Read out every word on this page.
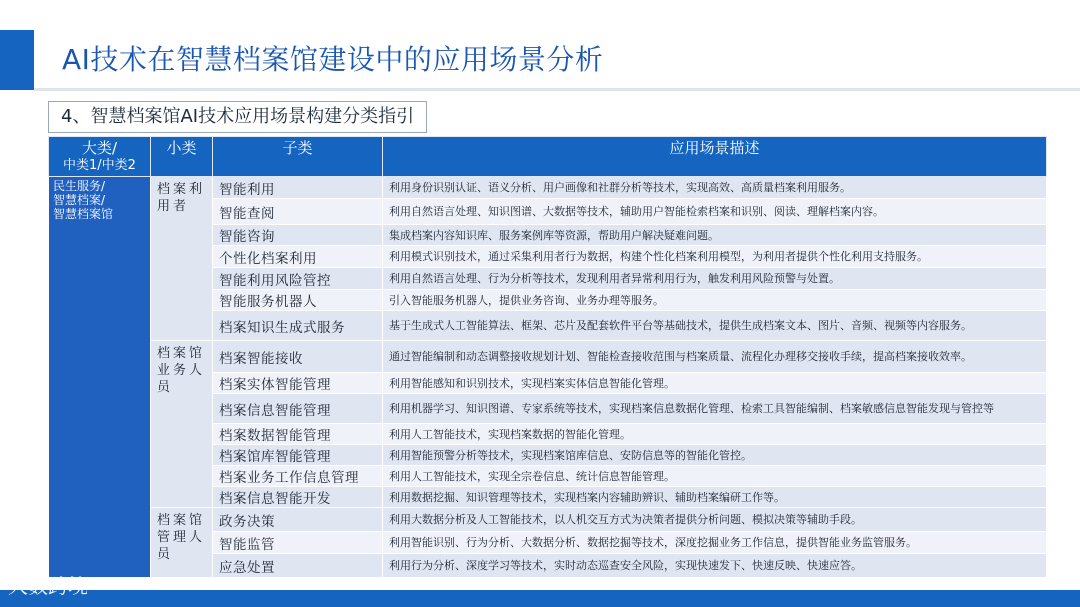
AI技术在智慧档案馆建设中的应用场景分析
4、智慧档案馆AI技术应用场景构建分类指引
大类/
中类1/中类2	小类	子类	应用场景描述
民生服务/
智慧档案/
智慧档案馆	档案利用者	智能利用	利用身份识别认证、语义分析、用户画像和社群分析等技术，实现高效、高质量档案利用服务。
		智能查阅	利用自然语言处理、知识图谱、大数据等技术，辅助用户智能检索档案和识别、阅读、理解档案内容。
		智能咨询	集成档案内容知识库、服务案例库等资源，帮助用户解决疑难问题。
		个性化档案利用	利用模式识别技术，通过采集利用者行为数据，构建个性化档案利用模型，为利用者提供个性化利用支持服务。
		智能利用风险管控	利用自然语言处理、行为分析等技术，发现利用者异常利用行为，触发利用风险预警与处置。
		智能服务机器人	引入智能服务机器人，提供业务咨询、业务办理等服务。
		档案知识生成式服务	基于生成式人工智能算法、框架、芯片及配套软件平台等基础技术，提供生成档案文本、图片、音频、视频等内容服务。
	档案馆业务人员	档案智能接收	通过智能编制和动态调整接收规划计划、智能检查接收范围与档案质量、流程化办理移交接收手续，提高档案接收效率。
		档案实体智能管理	利用智能感知和识别技术，实现档案实体信息智能化管理。
		档案信息智能管理	利用机器学习、知识图谱、专家系统等技术，实现档案信息数据化管理、检索工具智能编制、档案敏感信息智能发现与管控等
		档案数据智能管理	利用人工智能技术，实现档案数据的智能化管理。
		档案馆库智能管理	利用智能预警分析等技术，实现档案馆库信息、安防信息等的智能化管控。
		档案业务工作信息管理	利用人工智能技术，实现全宗卷信息、统计信息智能管理。
		档案信息智能开发	利用数据挖掘、知识管理等技术，实现档案内容辅助辨识、辅助档案编研工作等。
	档案馆管理人员	政务决策	利用大数据分析及人工智能技术，以人机交互方式为决策者提供分析问题、模拟决策等辅助手段。
		智能监管	利用智能识别、行为分析、大数据分析、数据挖掘等技术，深度挖掘业务工作信息，提供智能业务监管服务。
		应急处置	利用行为分析、深度学习等技术，实时动态巡查安全风险，实现快速发下、快速反映、快速应答。
大数跨境
